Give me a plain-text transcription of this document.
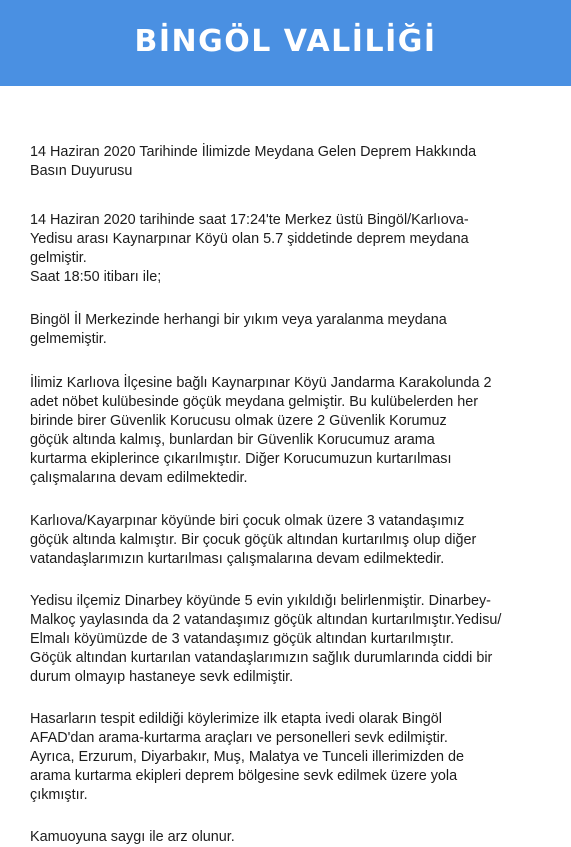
BİNGÖL VALİLİĞİ

14 Haziran 2020 Tarihinde İlimizde Meydana Gelen Deprem Hakkında
Basın Duyurusu

14 Haziran 2020 tarihinde saat 17:24'te Merkez üstü Bingöl/Karlıova-
Yedisu arası Kaynarpınar Köyü olan 5.7 şiddetinde deprem meydana
gelmiştir.
Saat 18:50 itibarı ile;

Bingöl İl Merkezinde herhangi bir yıkım veya yaralanma meydana
gelmemiştir.

İlimiz Karlıova İlçesine bağlı Kaynarpınar Köyü Jandarma Karakolunda 2
adet nöbet kulübesinde göçük meydana gelmiştir. Bu kulübelerden her
birinde birer Güvenlik Korucusu olmak üzere 2 Güvenlik Korumuz
göçük altında kalmış, bunlardan bir Güvenlik Korucumuz arama
kurtarma ekiplerince çıkarılmıştır. Diğer Korucumuzun kurtarılması
çalışmalarına devam edilmektedir.

Karlıova/Kayarpınar köyünde biri çocuk olmak üzere 3 vatandaşımız
göçük altında kalmıştır. Bir çocuk göçük altından kurtarılmış olup diğer
vatandaşlarımızın kurtarılması çalışmalarına devam edilmektedir.

Yedisu ilçemiz Dinarbey köyünde 5 evin yıkıldığı belirlenmiştir. Dinarbey-
Malkoç yaylasında da 2 vatandaşımız göçük altından kurtarılmıştır.Yedisu/
Elmalı köyümüzde de 3 vatandaşımız göçük altından kurtarılmıştır.
Göçük altından kurtarılan vatandaşlarımızın sağlık durumlarında ciddi bir
durum olmayıp hastaneye sevk edilmiştir.

Hasarların tespit edildiği köylerimize ilk etapta ivedi olarak Bingöl
AFAD'dan arama-kurtarma araçları ve personelleri sevk edilmiştir.
Ayrıca, Erzurum, Diyarbakır, Muş, Malatya ve Tunceli illerimizden de
arama kurtarma ekipleri deprem bölgesine sevk edilmek üzere yola
çıkmıştır.

Kamuoyuna saygı ile arz olunur.
